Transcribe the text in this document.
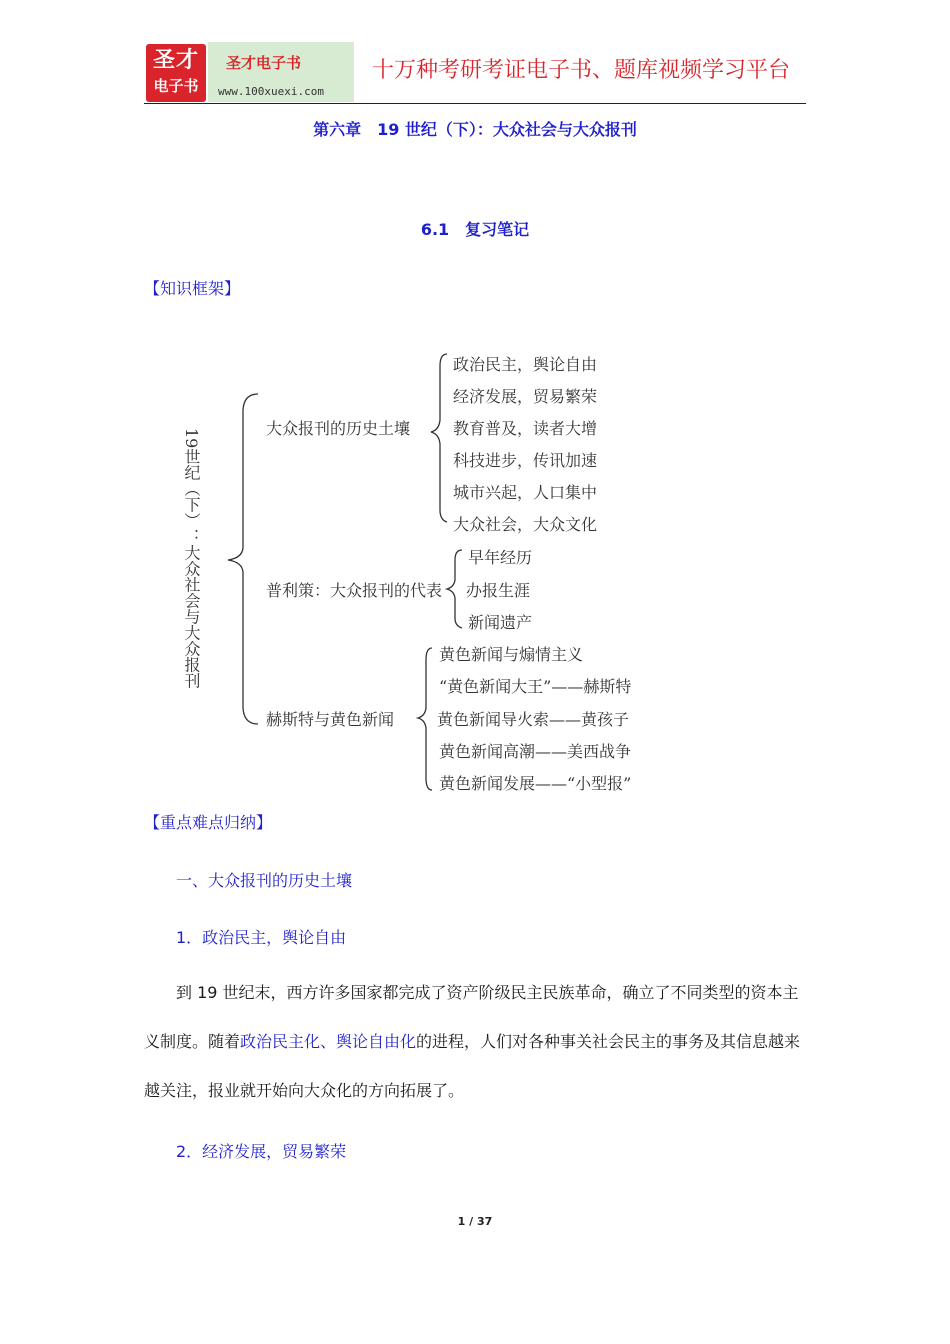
圣才
电子书
圣才电子书
www.100xuexi.com
十万种考研考证电子书、题库视频学习平台
第六章　19 世纪（下）：大众社会与大众报刊
6.1　复习笔记
【知识框架】
19世纪（下）：大众社会与大众报刊	大众报刊的历史土壤
普利策：大众报刊的代表
赫斯特与黄色新闻
政治民主，舆论自由
经济发展，贸易繁荣
教育普及，读者大增
科技进步，传讯加速
城市兴起，人口集中
大众社会，大众文化
早年经历
办报生涯
新闻遗产
黄色新闻与煽情主义
“黄色新闻大王”——赫斯特
黄色新闻导火索——黄孩子
黄色新闻高潮——美西战争
黄色新闻发展——“小型报”
【重点难点归纳】
一、大众报刊的历史土壤
1．政治民主，舆论自由
到 19 世纪末，西方许多国家都完成了资产阶级民主民族革命，确立了不同类型的资本主义制度。随着政治民主化、舆论自由化的进程，人们对各种事关社会民主的事务及其信息越来越关注，报业就开始向大众化的方向拓展了。
2．经济发展，贸易繁荣
1 / 37
